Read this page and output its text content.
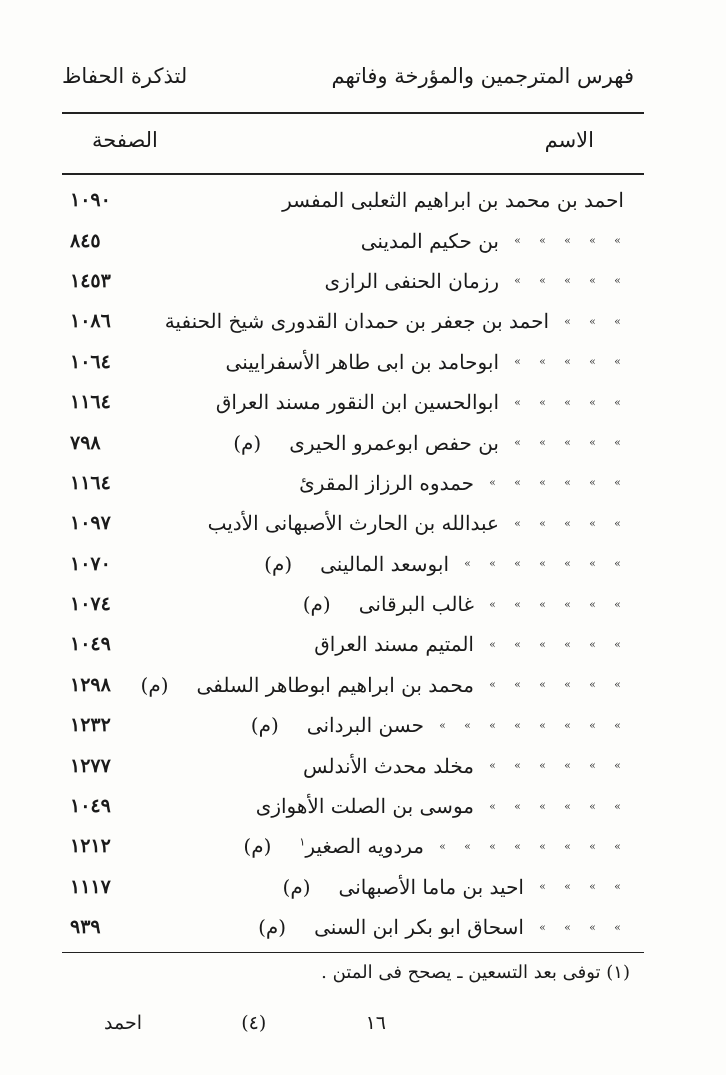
فهرس المترجمين والمؤرخة وفاتهم
لتذكرة الحفاظ
الاسم
الصفحة
احمد بن محمد بن ابراهيم الثعلبى المفسر
١٠٩٠
»
»
»
»
»
بن حكيم المدينى
٨٤٥
»
»
»
»
»
رزمان الحنفى الرازى
١٤٥٣
»
»
»
احمد بن جعفر بن حمدان القدورى شيخ الحنفية
١٠٨٦
»
»
»
»
»
ابوحامد بن ابى طاهر الأسفرايينى
١٠٦٤
»
»
»
»
»
ابوالحسين ابن النقور مسند العراق
١١٦٤
»
»
»
»
»
بن حفص ابوعمرو الحيرى
(م)
٧٩٨
»
»
»
»
»
»
حمدوه الرزاز المقرئ
١١٦٤
»
»
»
»
»
عبدالله بن الحارث الأصبهانى الأديب
١٠٩٧
»
»
»
»
»
»
»
ابوسعد المالينى
(م)
١٠٧٠
»
»
»
»
»
»
غالب البرقانى
(م)
١٠٧٤
»
»
»
»
»
»
المتيم مسند العراق
١٠٤٩
»
»
»
»
»
»
محمد بن ابراهيم ابوطاهر السلفى
(م)
١٢٩٨
»
»
»
»
»
»
»
»
حسن البردانى
(م)
١٢٣٢
»
»
»
»
»
»
مخلد محدث الأندلس
١٢٧٧
»
»
»
»
»
»
موسى بن الصلت الأهوازى
١٠٤٩
»
»
»
»
»
»
»
»
مردويه الصغير$^١$
(م)
١٢١٢
»
»
»
»
احيد بن ماما الأصبهانى
(م)
١١١٧
»
»
»
»
اسحاق ابو بكر ابن السنى
(م)
٩٣٩
(١) توفى بعد التسعين ـ يصحح فى المتن .
احمد	(٤)	١٦
